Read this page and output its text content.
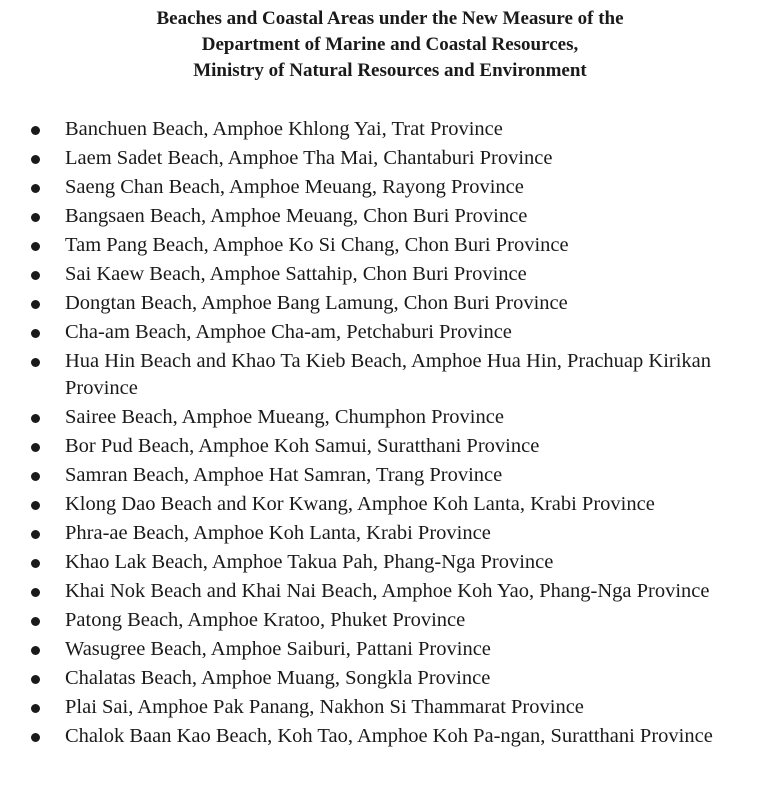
Beaches and Coastal Areas under the New Measure of the
Department of Marine and Coastal Resources,
Ministry of Natural Resources and Environment
Banchuen Beach, Amphoe Khlong Yai, Trat Province
Laem Sadet Beach, Amphoe Tha Mai, Chantaburi Province
Saeng Chan Beach, Amphoe Meuang, Rayong Province
Bangsaen Beach, Amphoe Meuang, Chon Buri Province
Tam Pang Beach, Amphoe Ko Si Chang, Chon Buri Province
Sai Kaew Beach, Amphoe Sattahip, Chon Buri Province
Dongtan Beach, Amphoe Bang Lamung, Chon Buri Province
Cha-am Beach, Amphoe Cha-am, Petchaburi Province
Hua Hin Beach and Khao Ta Kieb Beach, Amphoe Hua Hin, Prachuap Kirikan Province
Sairee Beach, Amphoe Mueang, Chumphon Province
Bor Pud Beach, Amphoe Koh Samui, Suratthani Province
Samran Beach, Amphoe Hat Samran, Trang Province
Klong Dao Beach and Kor Kwang, Amphoe Koh Lanta, Krabi Province
Phra-ae Beach, Amphoe Koh Lanta, Krabi Province
Khao Lak Beach, Amphoe Takua Pah, Phang-Nga Province
Khai Nok Beach and Khai Nai Beach, Amphoe Koh Yao, Phang-Nga Province
Patong Beach, Amphoe Kratoo, Phuket Province
Wasugree Beach, Amphoe Saiburi, Pattani Province
Chalatas Beach, Amphoe Muang, Songkla Province
Plai Sai, Amphoe Pak Panang, Nakhon Si Thammarat Province
Chalok Baan Kao Beach, Koh Tao, Amphoe Koh Pa-ngan, Suratthani Province
